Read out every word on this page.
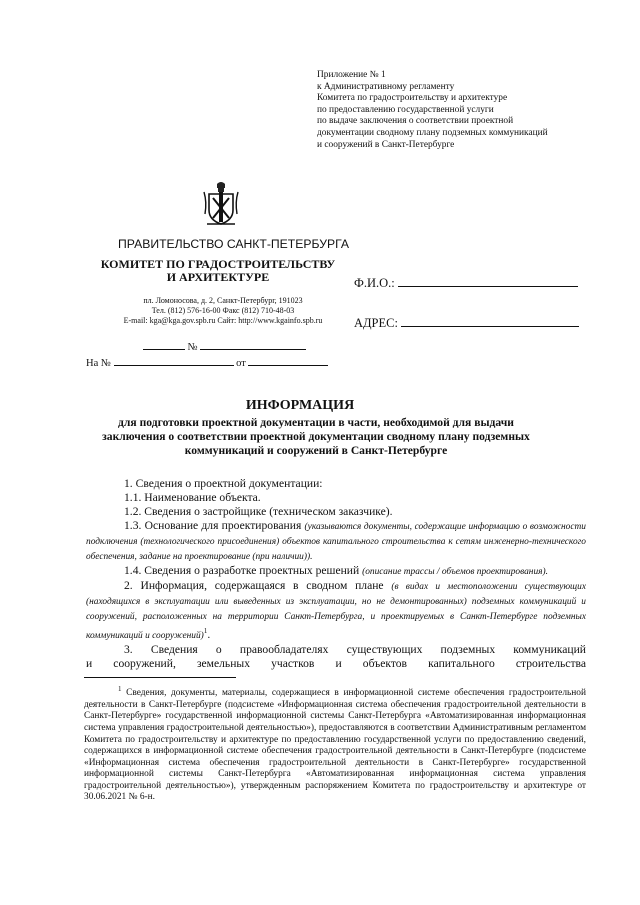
Приложение № 1
к Административному регламенту
Комитета по градостроительству и архитектуре
по предоставлению государственной услуги
по выдаче заключения о соответствии проектной
документации сводному плану подземных коммуникаций
и сооружений в Санкт-Петербурге
ПРАВИТЕЛЬСТВО САНКТ-ПЕТЕРБУРГА
КОМИТЕТ ПО ГРАДОСТРОИТЕЛЬСТВУ
И АРХИТЕКТУРЕ
пл. Ломоносова, д. 2, Санкт-Петербург, 191023
Тел. (812) 576-16-00 Факс (812) 710-48-03
E-mail: kga@kga.gov.spb.ru Сайт: http://www.kgainfo.spb.ru
Ф.И.О.:
АДРЕС:
№
На №	от
ИНФОРМАЦИЯ
для подготовки проектной документации в части, необходимой для выдачи заключения о соответствии проектной документации сводному плану подземных коммуникаций и сооружений в Санкт-Петербурге
1. Сведения о проектной документации:
1.1. Наименование объекта.
1.2. Сведения о застройщике (техническом заказчике).
1.3. Основание для проектирования (указываются документы, содержащие информацию о возможности подключения (технологического присоединения) объектов капитального строительства к сетям инженерно-технического обеспечения, задание на проектирование (при наличии)).
1.4. Сведения о разработке проектных решений (описание трассы / объемов проектирования).
2. Информация, содержащаяся в сводном плане (в видах и местоположении существующих (находящихся в эксплуатации или выведенных из эксплуатации, но не демонтированных) подземных коммуникаций и сооружений, расположенных на территории Санкт-Петербурга, и проектируемых в Санкт-Петербурге подземных коммуникаций и сооружений)$^1$.
3. Сведения о правообладателях существующих подземных коммуникаций
и сооружений, земельных участков и объектов капитального строительства
$^1$ Сведения, документы, материалы, содержащиеся в информационной системе обеспечения градостроительной деятельности в Санкт-Петербурге (подсистеме «Информационная система обеспечения градостроительной деятельности в Санкт-Петербурге» государственной информационной системы Санкт-Петербурга «Автоматизированная информационная система управления градостроительной деятельностью»), предоставляются в соответствии Административным регламентом Комитета по градостроительству и архитектуре по предоставлению государственной услуги по предоставлению сведений, содержащихся в информационной системе обеспечения градостроительной деятельности в Санкт-Петербурге (подсистеме «Информационная система обеспечения градостроительной деятельности в Санкт-Петербурге» государственной информационной системы Санкт-Петербурга «Автоматизированная информационная система управления градостроительной деятельностью»), утвержденным распоряжением Комитета по градостроительству и архитектуре от 30.06.2021 № 6-н.
